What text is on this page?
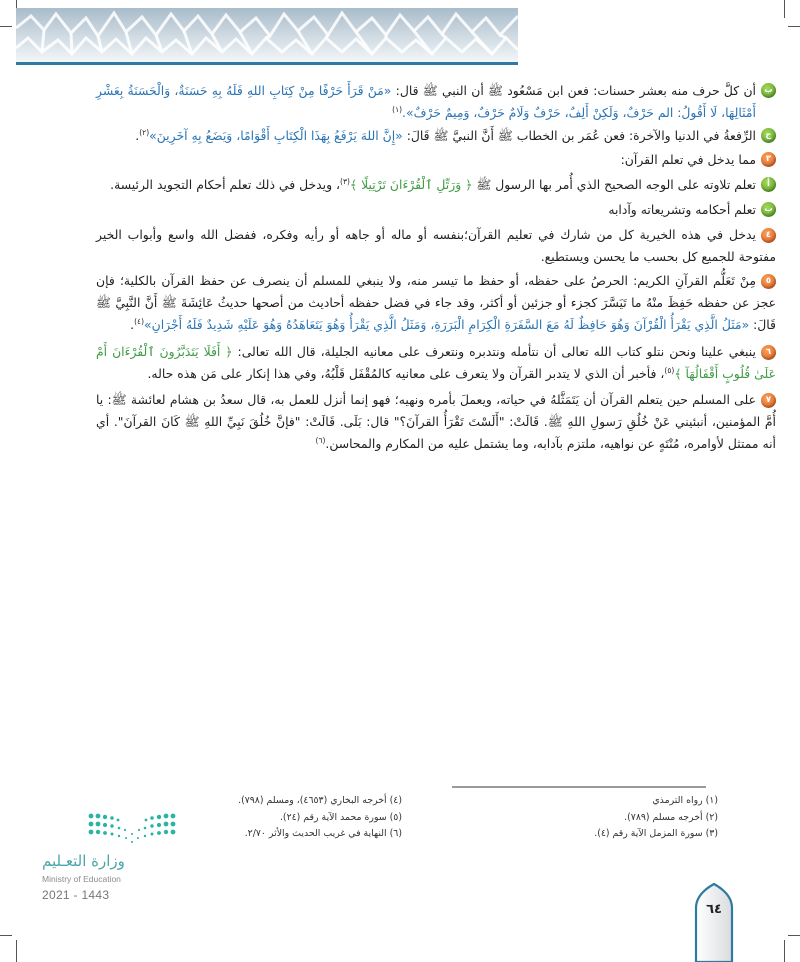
ب
أن كلَّ حرف منه بعشر حسنات: فعن ابن مَسْعُود ﷺ أن النبي ﷺ قال: «مَنْ قَرَأَ حَرْفًا مِنْ كِتَابِ اللهِ فَلَهُ بِهِ حَسَنَةٌ، وَالْحَسَنَةُ بِعَشْرِ أَمْثَالِهَا، لَا أَقُولُ: الم حَرْفٌ، وَلَكِنْ أَلِفٌ، حَرْفٌ وَلَامٌ حَرْفٌ، وَمِيمٌ حَرْفٌ».$^{(١)}$
ج
الرِّفعةُ في الدنيا والآخرة: فعن عُمَر بن الخطاب ﷺ أَنَّ النبيَّ ﷺ قَالَ: «إِنَّ اللهَ يَرْفَعُ بِهَذَا الْكِتَابِ أَقْوَامًا، وَيَضَعُ بِهِ آخَرِينَ»$^{(٢)}$.
٣
مما يدخل في تعلم القرآن:
أ
تعلم تلاوته على الوجه الصحيح الذي أُمر بها الرسول ﷺ ﴿ وَرَتِّلِ ٱلْقُرْءَانَ تَرْتِيلًا ﴾$^{(٣)}$، ويدخل في ذلك تعلم أحكام التجويد الرئيسة.
ب
تعلم أحكامه وتشريعاته وآدابه
٤يدخل في هذه الخيرية كل من شارك في تعليم القرآن؛بنفسه أو ماله أو جاهه أو رأيه وفكره، ففضل الله واسع وأبواب الخير مفتوحة للجميع كل بحسب ما يحسن ويستطيع.
٥مِنْ تَعَلُّم القرآنِ الكريم: الحرصُ على حفظه، أو حفظ ما تيسر منه، ولا ينبغي للمسلم أن ينصرف عن حفظ القرآن بالكلية؛ فإن عجز عن حفظه حَفِظَ منْهُ ما تَيَسَّرَ كجزء أو جزئين أو أكثر، وقد جاء في فضل حفظه أحاديث من أصحها حديثُ عَائِشَةَ ﷺ أَنَّ النَّبِيَّ ﷺ قَالَ: «مَثَلُ الَّذِي يَقْرَأُ الْقُرْآنَ وَهُوَ حَافِظٌ لَهُ مَعَ السَّفَرَةِ الْكِرَامِ الْبَرَرَةِ، وَمَثَلُ الَّذِي يَقْرَأُ وَهُوَ يَتَعَاهَدُهُ وَهُوَ عَلَيْهِ شَدِيدٌ فَلَهُ أَجْرَانِ»$^{(٤)}$.
٦ينبغي علينا ونحن نتلو كتاب الله تعالى أن نتأمله ونتدبره ونتعرف على معانيه الجليلة، قال الله تعالى: ﴿ أَفَلَا يَتَدَبَّرُونَ ٱلْقُرْءَانَ أَمْ عَلَىٰ قُلُوبٍ أَقْفَالُهَآ ﴾$^{(٥)}$، فأخبر أن الذي لا يتدبر القرآن ولا يتعرف على معانيه كالمُقْفَل قَلْبُهُ، وفي هذا إنكار على مَن هذه حاله.
٧على المسلم حين يتعلم القرآن أن يَتَمَثَّلهُ في حياته، ويعملَ بأمره ونهيه؛ فهو إنما أنزل للعمل به، قال سعدُ بن هشام لعائشة ﷺ: يا أُمَّ المؤمنين، أنبئيني عَنْ خُلُقِ رَسولِ اللهِ ﷺ. قَالَتْ: "أَلَسْتَ تَقْرَأُ القرآنَ؟" قال: بَلَى. قَالَتْ: "فإنَّ خُلُقَ نَبِيِّ اللهِ ﷺ كَانَ القرآنَ". أي أنه ممتثل لأوامره، مُنْتَهٍ عن نواهيه، ملتزم بآدابه، وما يشتمل عليه من المكارم والمحاسن.$^{(٦)}$
(١) رواه الترمذي
(٢) أخرجه مسلم (٧٨٩).
(٣) سورة المزمل الآية رقم (٤).
(٤) أخرجه البخاري (٤٦٥٣)، ومسلم (٧٩٨).
(٥) سورة محمد الآية رقم (٢٤).
(٦) النهاية في غريب الحديث والأثر ٢/٧٠.
وزارة التعـليم
Ministry of Education
2021 - 1443
٦٤
